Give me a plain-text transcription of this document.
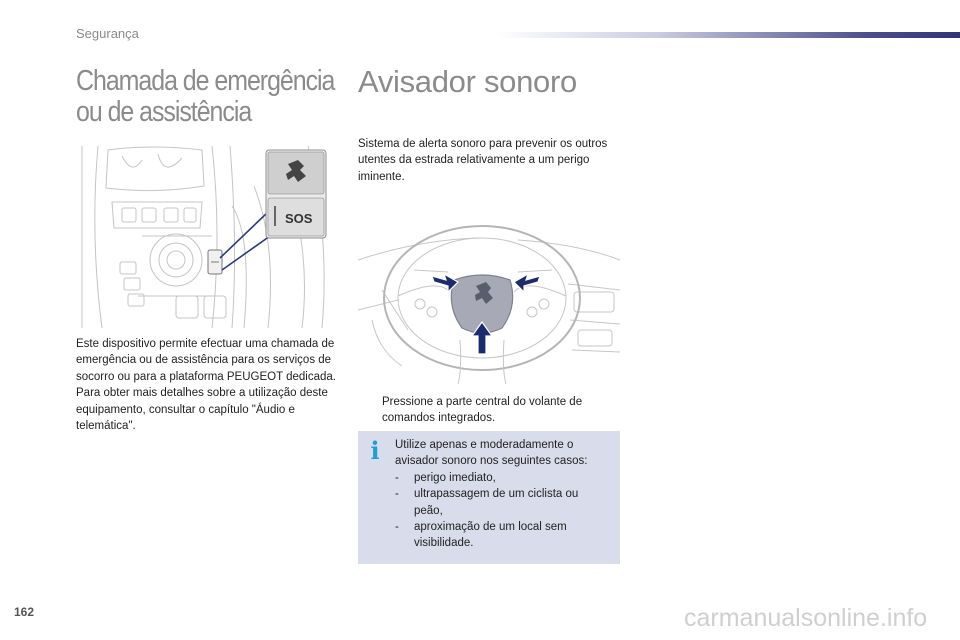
Segurança
Chamada de emergência
ou de assistência
SOS

Este dispositivo permite efectuar uma chamada de emergência ou de assistência para os serviços de socorro ou para a plataforma PEUGEOT dedicada.

Para obter mais detalhes sobre a utilização deste equipamento, consultar o capítulo "Áudio e telemática".

Avisador sonoro
Sistema de alerta sonoro para prevenir os outros utentes da estrada relativamente a um perigo iminente.
Pressione a parte central do volante de comandos integrados.
i Utilize apenas e moderadamente o avisador sonoro nos seguintes casos:
-	perigo imediato,
-	ultrapassagem de um ciclista ou peão,
-	aproximação de um local sem visibilidade.
162	carmanualsonline.info
